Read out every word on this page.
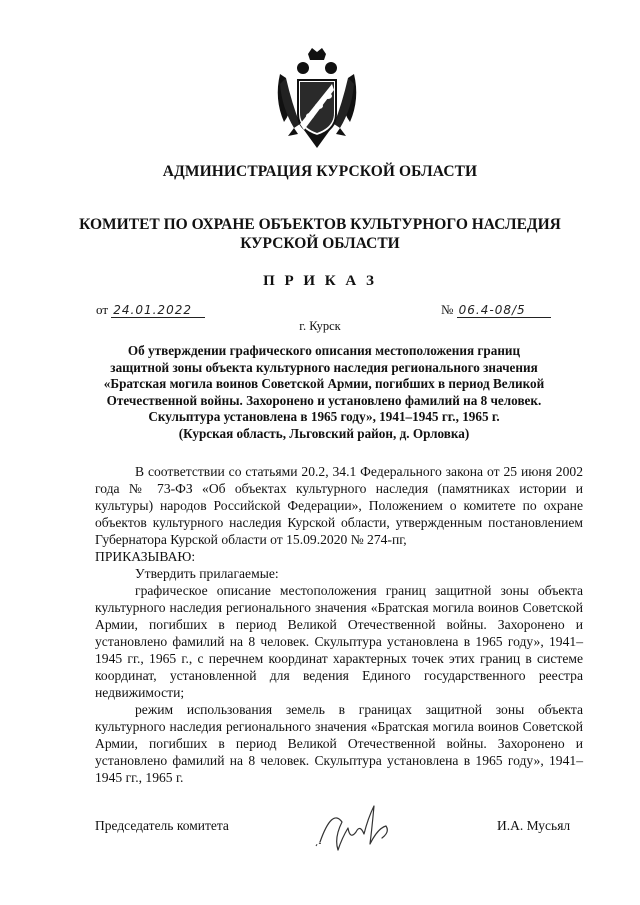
АДМИНИСТРАЦИЯ КУРСКОЙ ОБЛАСТИ
КОМИТЕТ ПО ОХРАНЕ ОБЪЕКТОВ КУЛЬТУРНОГО НАСЛЕДИЯ
КУРСКОЙ ОБЛАСТИ
П Р И К А З
от 24.01.2022	№ 06.4-08/5
г. Курск
Об утверждении графического описания местоположения границ
защитной зоны объекта культурного наследия регионального значения
«Братская могила воинов Советской Армии, погибших в период Великой
Отечественной войны. Захоронено и установлено фамилий на 8 человек.
Скульптура установлена в 1965 году», 1941–1945 гг., 1965 г.
(Курская область, Льговский район, д. Орловка)

В соответствии со статьями 20.2, 34.1 Федерального закона от 25 июня 2002 года № 73-ФЗ «Об объектах культурного наследия (памятниках истории и культуры) народов Российской Федерации», Положением о комитете по охране объектов культурного наследия Курской области, утвержденным постановлением Губернатора Курской области от 15.09.2020 № 274-пг,

ПРИКАЗЫВАЮ:

Утвердить прилагаемые:

графическое описание местоположения границ защитной зоны объекта культурного наследия регионального значения «Братская могила воинов Советской Армии, погибших в период Великой Отечественной войны. Захоронено и установлено фамилий на 8 человек. Скульптура установлена в 1965 году», 1941–1945 гг., 1965 г., с перечнем координат характерных точек этих границ в системе координат, установленной для ведения Единого государственного реестра недвижимости;

режим использования земель в границах защитной зоны объекта культурного наследия регионального значения «Братская могила воинов Советской Армии, погибших в период Великой Отечественной войны. Захоронено и установлено фамилий на 8 человек. Скульптура установлена в 1965 году», 1941–1945 гг., 1965 г.

Председатель комитета	И.А. Мусьял
